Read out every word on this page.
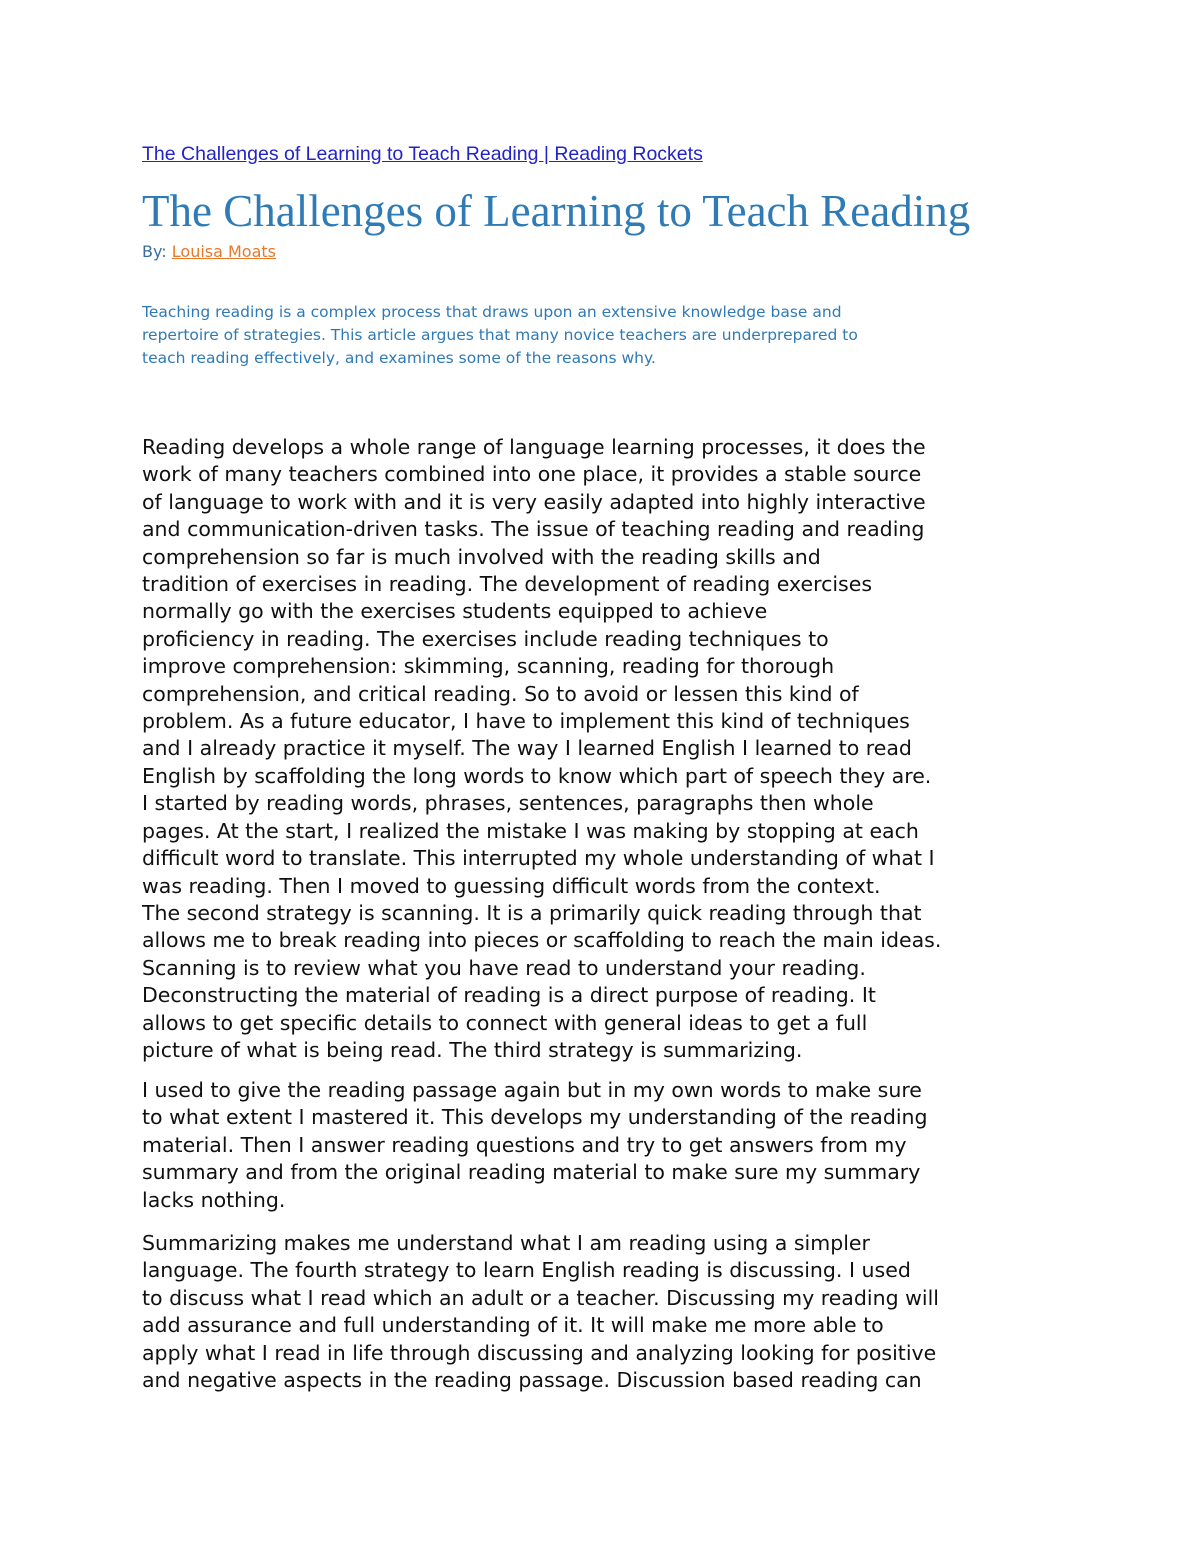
The Challenges of Learning to Teach Reading | Reading Rockets
The Challenges of Learning to Teach Reading
By: Louisa Moats

Teaching reading is a complex process that draws upon an extensive knowledge base and
repertoire of strategies. This article argues that many novice teachers are underprepared to
teach reading effectively, and examines some of the reasons why.

Reading develops a whole range of language learning processes, it does the
work of many teachers combined into one place, it provides a stable source
of language to work with and it is very easily adapted into highly interactive
and communication-driven tasks. The issue of teaching reading and reading
comprehension so far is much involved with the reading skills and
tradition of exercises in reading. The development of reading exercises
normally go with the exercises students equipped to achieve
proficiency in reading. The exercises include reading techniques to
improve comprehension: skimming, scanning, reading for thorough
comprehension, and critical reading. So to avoid or lessen this kind of
problem. As a future educator, I have to implement this kind of techniques
and I already practice it myself. The way I learned English I learned to read
English by scaffolding the long words to know which part of speech they are.
I started by reading words, phrases, sentences, paragraphs then whole
pages. At the start, I realized the mistake I was making by stopping at each
difficult word to translate. This interrupted my whole understanding of what I
was reading. Then I moved to guessing difficult words from the context.
The second strategy is scanning. It is a primarily quick reading through that
allows me to break reading into pieces or scaffolding to reach the main ideas.
Scanning is to review what you have read to understand your reading.
Deconstructing the material of reading is a direct purpose of reading. It
allows to get specific details to connect with general ideas to get a full
picture of what is being read. The third strategy is summarizing.

I used to give the reading passage again but in my own words to make sure
to what extent I mastered it. This develops my understanding of the reading
material. Then I answer reading questions and try to get answers from my
summary and from the original reading material to make sure my summary
lacks nothing.

Summarizing makes me understand what I am reading using a simpler
language. The fourth strategy to learn English reading is discussing. I used
to discuss what I read which an adult or a teacher. Discussing my reading will
add assurance and full understanding of it. It will make me more able to
apply what I read in life through discussing and analyzing looking for positive
and negative aspects in the reading passage. Discussion based reading can
